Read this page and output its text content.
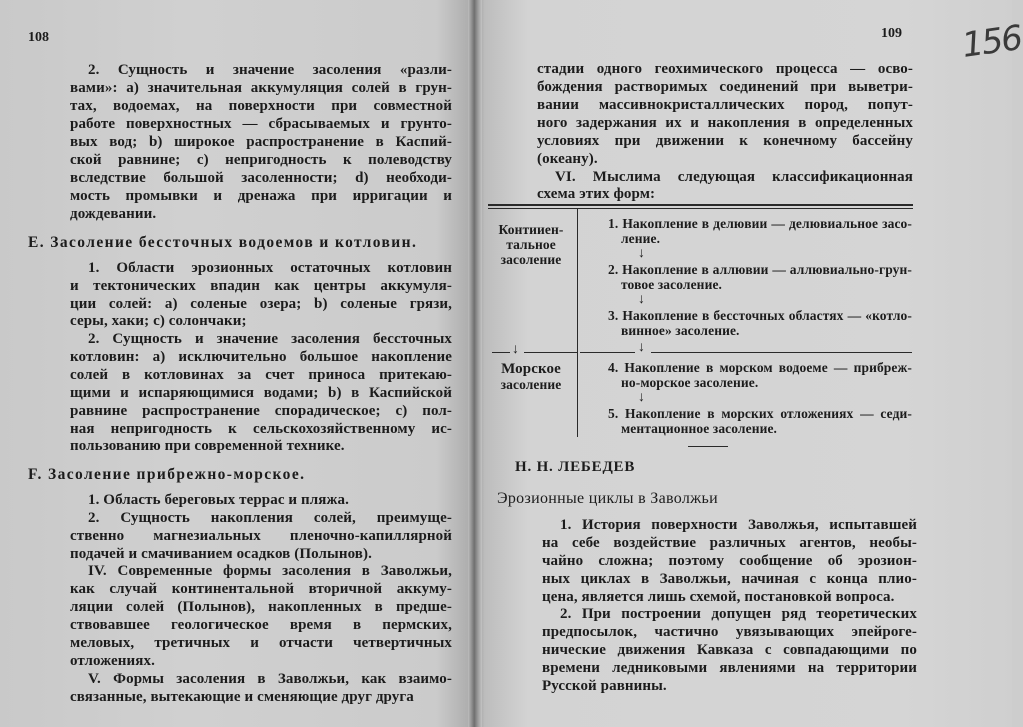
108	109 156
2. Сущность и значение засоления «разли-
вами»: a) значительная аккумуляция солей в грун-
тах, водоемах, на поверхности при совместной
работе поверхностных — сбрасываемых и грунто-
вых вод; b) широкое распространение в Каспий-
ской равнине; c) непригодность к полеводству
вследствие большой засоленности; d) необходи-
мость промывки и дренажа при ирригации и
дождевании.
E. Засоление бессточных водоемов и котловин.
1. Области эрозионных остаточных котловин
и тектонических впадин как центры аккумуля-
ции солей: a) соленые озера; b) соленые грязи,
серы, хаки; c) солончаки;
2. Сущность и значение засоления бессточных
котловин: a) исключительно большое накопление
солей в котловинах за счет приноса притекаю-
щими и испаряющимися водами; b) в Каспийской
равнине распространение спорадическое; c) пол-
ная непригодность к сельскохозяйственному ис-
пользованию при современной технике.
F. Засоление прибрежно-морское.
1. Область береговых террас и пляжа.
2. Сущность накопления солей, преимуще-
ственно магнезиальных пленочно-капиллярной
подачей и смачиванием осадков (Полынов).
IV. Современные формы засоления в Заволжьи,
как случай континентальной вторичной аккуму-
ляции солей (Полынов), накопленных в предше-
ствовавшее геологическое время в пермских,
меловых, третичных и отчасти четвертичных
отложениях.
V. Формы засоления в Заволжьи, как взаимо-
связанные, вытекающие и сменяющие друг друга
стадии одного геохимического процесса — осво-
бождения растворимых соединений при выветри-
вании массивнокристаллических пород, попут-
ного задержания их и накопления в определенных
условиях при движении к конечному бассейну
(океану).
VI. Мыслима следующая классификационная
схема этих форм:
1. История поверхности Заволжья, испытавшей
на себе воздействие различных агентов, необы-
чайно сложна; поэтому сообщение об эрозион-
ных циклах в Заволжьи, начиная с конца плио-
цена, является лишь схемой, постановкой вопроса.
2. При построении допущен ряд теоретических
предпосылок, частично увязывающих эпейроге-
нические движения Кавказа с совпадающими по
времени ледниковыми явлениями на территории
Русской равнины.
Контииен-
тальное
засоление
Морское
засоление
1. Накопление в делювии — делювиальное засо-
ление.
2. Накопление в аллювии — аллювиально-грун-
товое засоление.
3. Накопление в бессточных областях — «котло-
винное» засоление.
4. Накопление в морском водоеме — прибреж-
но-морское засоление.
5. Накопление в морских отложениях — седи-
ментационное засоление.
↓
↓
↓
↓
↓
Н. Н. ЛЕБЕДЕВ
Эрозионные циклы в Заволжьи
